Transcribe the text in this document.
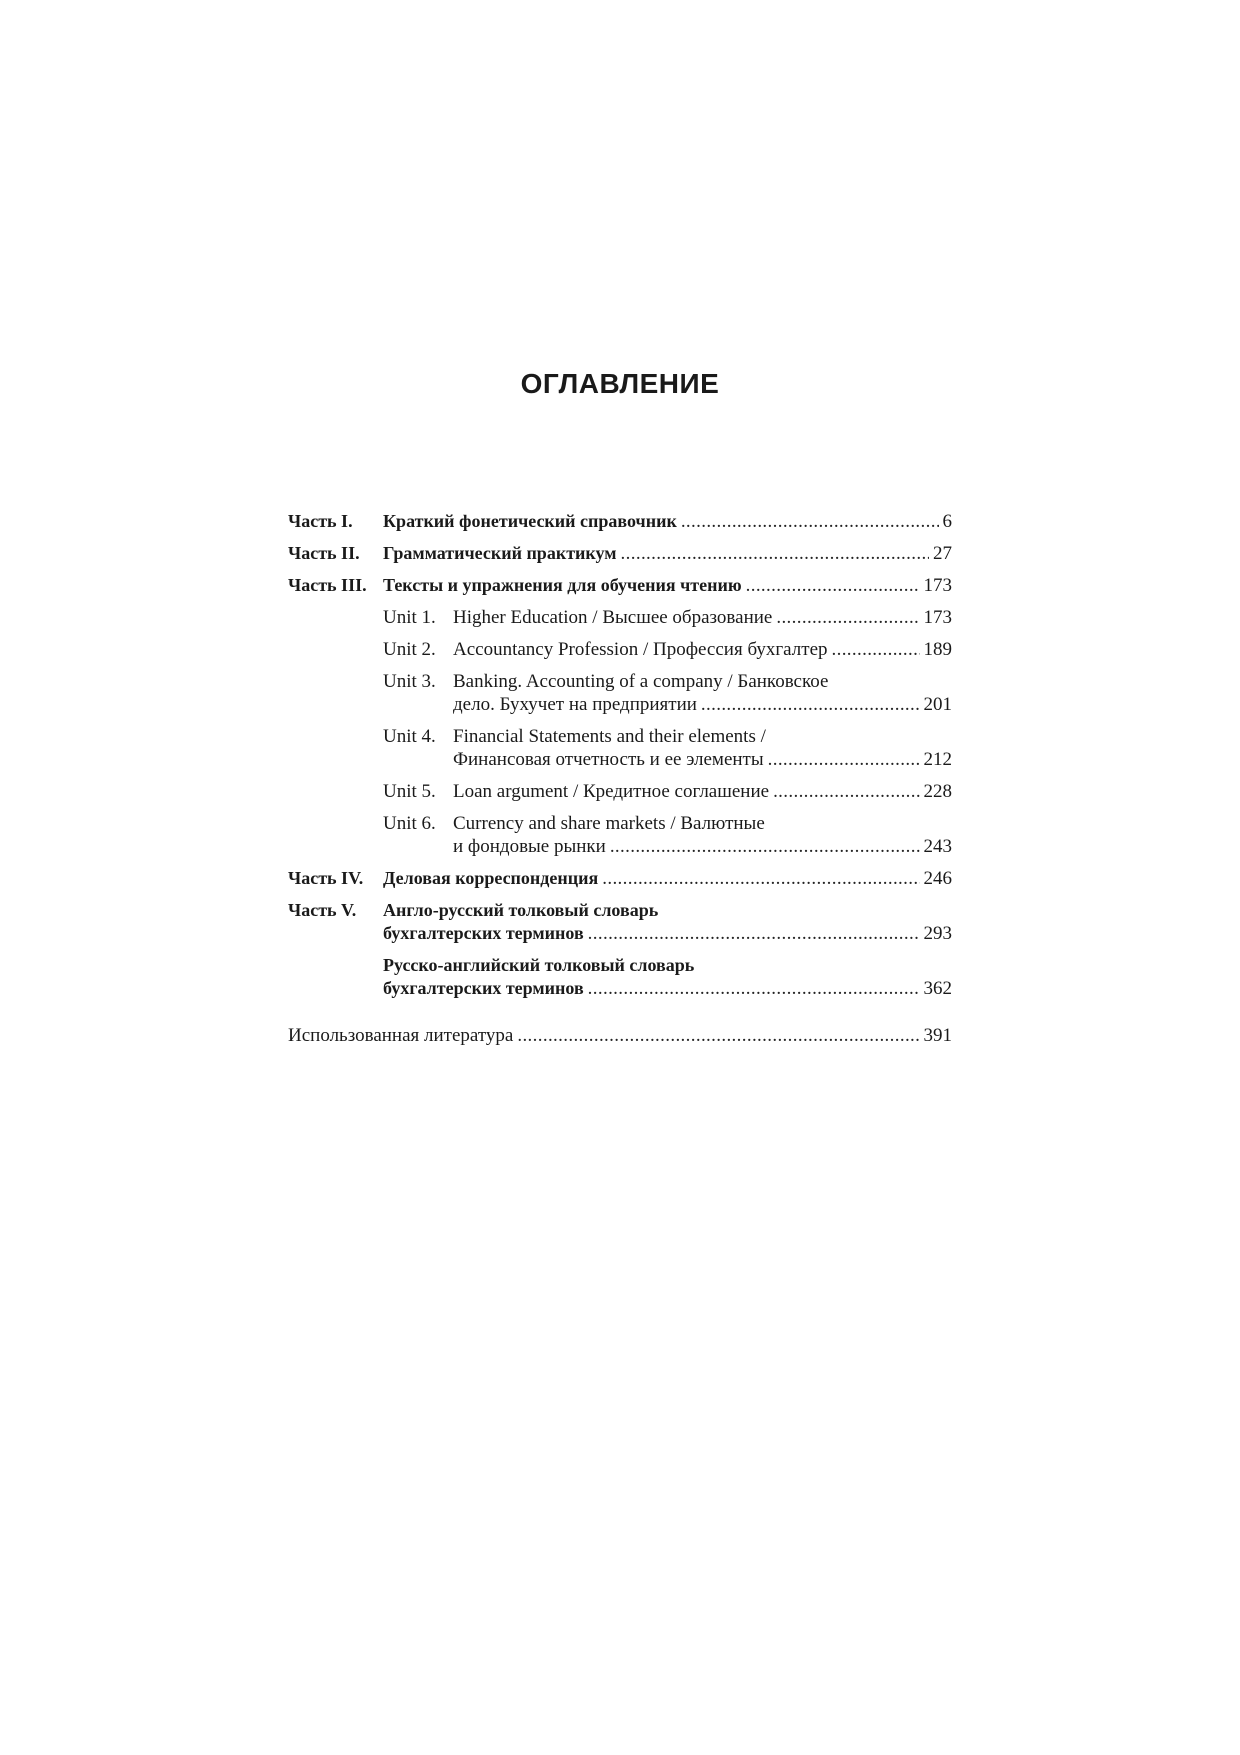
ОГЛАВЛЕНИЕ
Часть I.	Краткий фонетический справочник . . .	6
Часть II.	Грамматический практикум . . .	27
Часть III. Тексты и упражнения для обучения чтению . . .	173
Unit 1. Higher Education / Высшее образование . . .	173
Unit 2. Accountancy Profession / Профессия бухгалтер . . .	189
Unit 3. Banking. Accounting of a company / Банковское
дело. Бухучет на предприятии . . .	201
Unit 4. Financial Statements and their elements /
Финансовая отчетность и ее элементы . . .	212
Unit 5. Loan argument / Кредитное соглашение . . .	228
Unit 6. Currency and share markets / Валютные
и фондовые рынки . . .	243
Часть IV.	Деловая корреспонденция . . .	246
Часть V.	Англо-русский толковый словарь
бухгалтерских терминов . . .	293
Русско-английский толковый словарь
бухгалтерских терминов . . .	362
Использованная литература . . .	391
